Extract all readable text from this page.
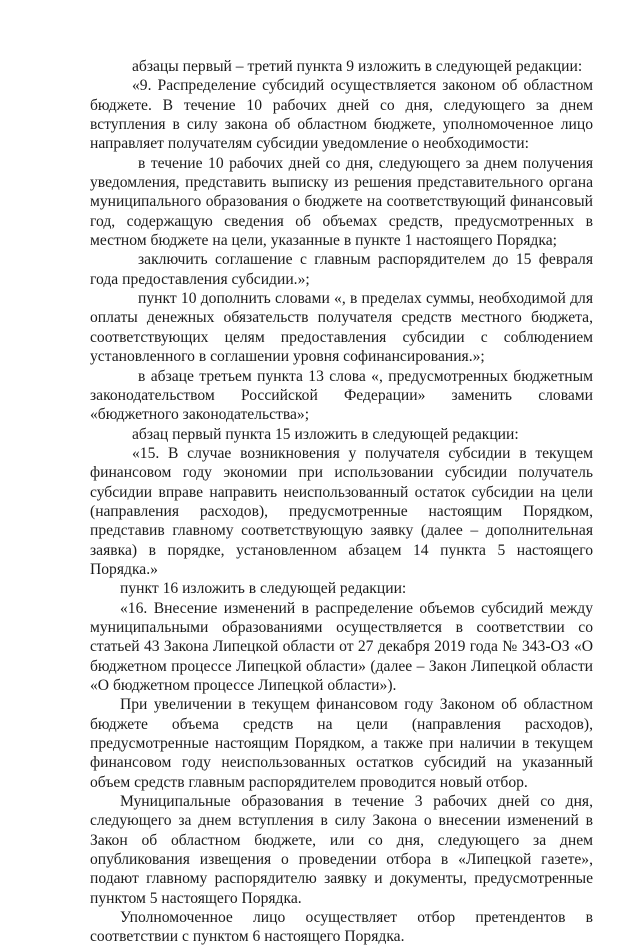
абзацы первый – третий пункта 9 изложить в следующей редакции:

«9. Распределение субсидий осуществляется законом об областном бюджете. В течение 10 рабочих дней со дня, следующего за днем вступления в силу закона об областном бюджете, уполномоченное лицо направляет получателям субсидии уведомление о необходимости:

в течение 10 рабочих дней со дня, следующего за днем получения уведомления, представить выписку из решения представительного органа муниципального образования о бюджете на соответствующий финансовый год, содержащую сведения об объемах средств, предусмотренных в местном бюджете на цели, указанные в пункте 1 настоящего Порядка;

заключить соглашение с главным распорядителем до 15 февраля года предоставления субсидии.»;

пункт 10 дополнить словами «, в пределах суммы, необходимой для оплаты денежных обязательств получателя средств местного бюджета, соответствующих целям предоставления субсидии с соблюдением установленного в соглашении уровня софинансирования.»;

в абзаце третьем пункта 13 слова «, предусмотренных бюджетным законодательством Российской Федерации» заменить словами «бюджетного законодательства»;

абзац первый пункта 15 изложить в следующей редакции:

«15. В случае возникновения у получателя субсидии в текущем финансовом году экономии при использовании субсидии получатель субсидии вправе направить неиспользованный остаток субсидии на цели (направления расходов), предусмотренные настоящим Порядком, представив главному соответствующую заявку (далее – дополнительная заявка) в порядке, установленном абзацем 14 пункта 5 настоящего Порядка.»

пункт 16 изложить в следующей редакции:

«16. Внесение изменений в распределение объемов субсидий между муниципальными образованиями осуществляется в соответствии со статьей 43 Закона Липецкой области от 27 декабря 2019 года № 343-ОЗ «О бюджетном процессе Липецкой области» (далее – Закон Липецкой области «О бюджетном процессе Липецкой области»).

При увеличении в текущем финансовом году Законом об областном бюджете объема средств на цели (направления расходов), предусмотренные настоящим Порядком, а также при наличии в текущем финансовом году неиспользованных остатков субсидий на указанный объем средств главным распорядителем проводится новый отбор.

Муниципальные образования в течение 3 рабочих дней со дня, следующего за днем вступления в силу Закона о внесении изменений в Закон об областном бюджете, или со дня, следующего за днем опубликования извещения о проведении отбора в «Липецкой газете», подают главному распорядителю заявку и документы, предусмотренные пунктом 5 настоящего Порядка.

Уполномоченное лицо осуществляет отбор претендентов в соответствии с пунктом 6 настоящего Порядка.
